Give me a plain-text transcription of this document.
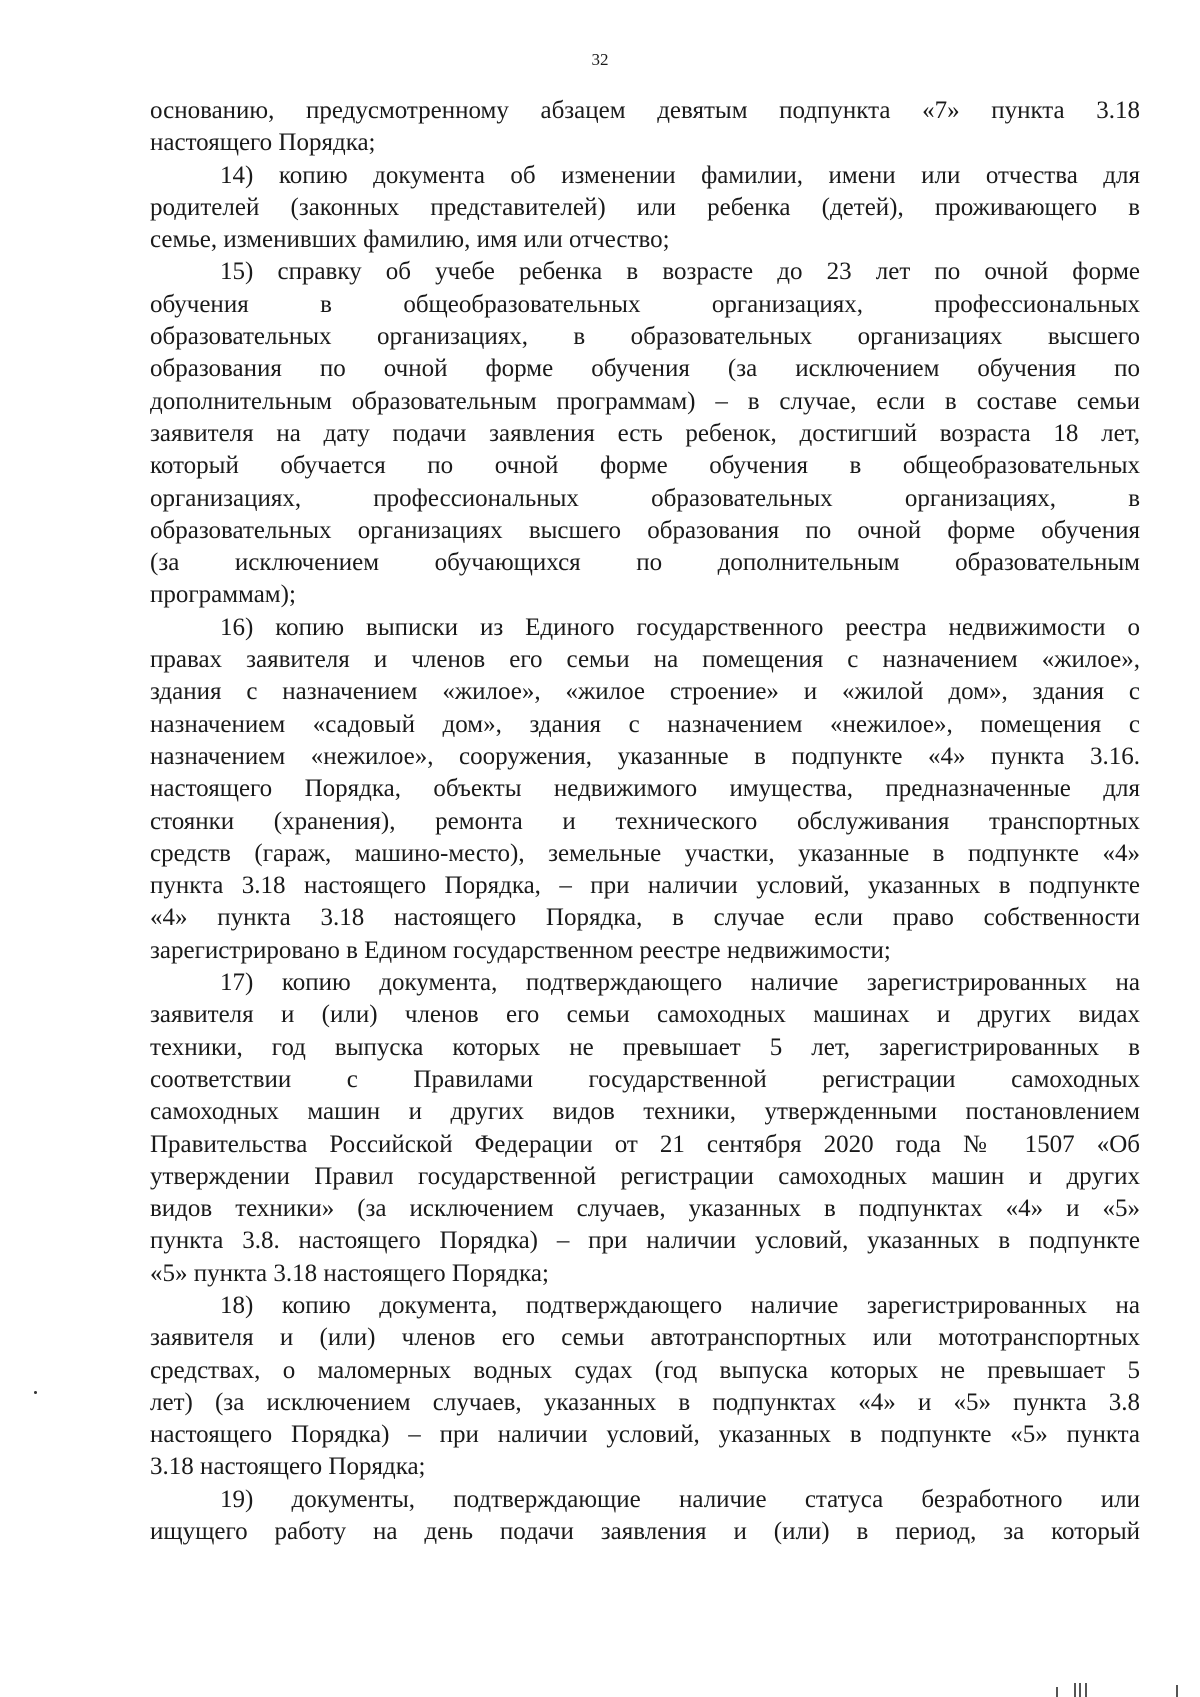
32

основанию, предусмотренному абзацем девятым подпункта «7» пункта 3.18
настоящего Порядка;

14) копию документа об изменении фамилии, имени или отчества для
родителей (законных представителей) или ребенка (детей), проживающего в
семье, изменивших фамилию, имя или отчество;

15) справку об учебе ребенка в возрасте до 23 лет по очной форме
обучения в общеобразовательных организациях, профессиональных
образовательных организациях, в образовательных организациях высшего
образования по очной форме обучения (за исключением обучения по
дополнительным образовательным программам) – в случае, если в составе семьи
заявителя на дату подачи заявления есть ребенок, достигший возраста 18 лет,
который обучается по очной форме обучения в общеобразовательных
организациях, профессиональных образовательных организациях, в
образовательных организациях высшего образования по очной форме обучения
(за исключением обучающихся по дополнительным образовательным
программам);

16) копию выписки из Единого государственного реестра недвижимости о
правах заявителя и членов его семьи на помещения с назначением «жилое»,
здания с назначением «жилое», «жилое строение» и «жилой дом», здания с
назначением «садовый дом», здания с назначением «нежилое», помещения с
назначением «нежилое», сооружения, указанные в подпункте «4» пункта 3.16.
настоящего Порядка, объекты недвижимого имущества, предназначенные для
стоянки (хранения), ремонта и технического обслуживания транспортных
средств (гараж, машино-место), земельные участки, указанные в подпункте «4»
пункта 3.18 настоящего Порядка, – при наличии условий, указанных в подпункте
«4» пункта 3.18 настоящего Порядка, в случае если право собственности
зарегистрировано в Едином государственном реестре недвижимости;

17) копию документа, подтверждающего наличие зарегистрированных на
заявителя и (или) членов его семьи самоходных машинах и других видах
техники, год выпуска которых не превышает 5 лет, зарегистрированных в
соответствии с Правилами государственной регистрации самоходных
самоходных машин и других видов техники, утвержденными постановлением
Правительства Российской Федерации от 21 сентября 2020 года № 1507 «Об
утверждении Правил государственной регистрации самоходных машин и других
видов техники» (за исключением случаев, указанных в подпунктах «4» и «5»
пункта 3.8. настоящего Порядка) – при наличии условий, указанных в подпункте
«5» пункта 3.18 настоящего Порядка;

18) копию документа, подтверждающего наличие зарегистрированных на
заявителя и (или) членов его семьи автотранспортных или мототранспортных
средствах, о маломерных водных судах (год выпуска которых не превышает 5
лет) (за исключением случаев, указанных в подпунктах «4» и «5» пункта 3.8
настоящего Порядка) – при наличии условий, указанных в подпункте «5» пункта
3.18 настоящего Порядка;

19) документы, подтверждающие наличие статуса безработного или
ищущего работу на день подачи заявления и (или) в период, за который
